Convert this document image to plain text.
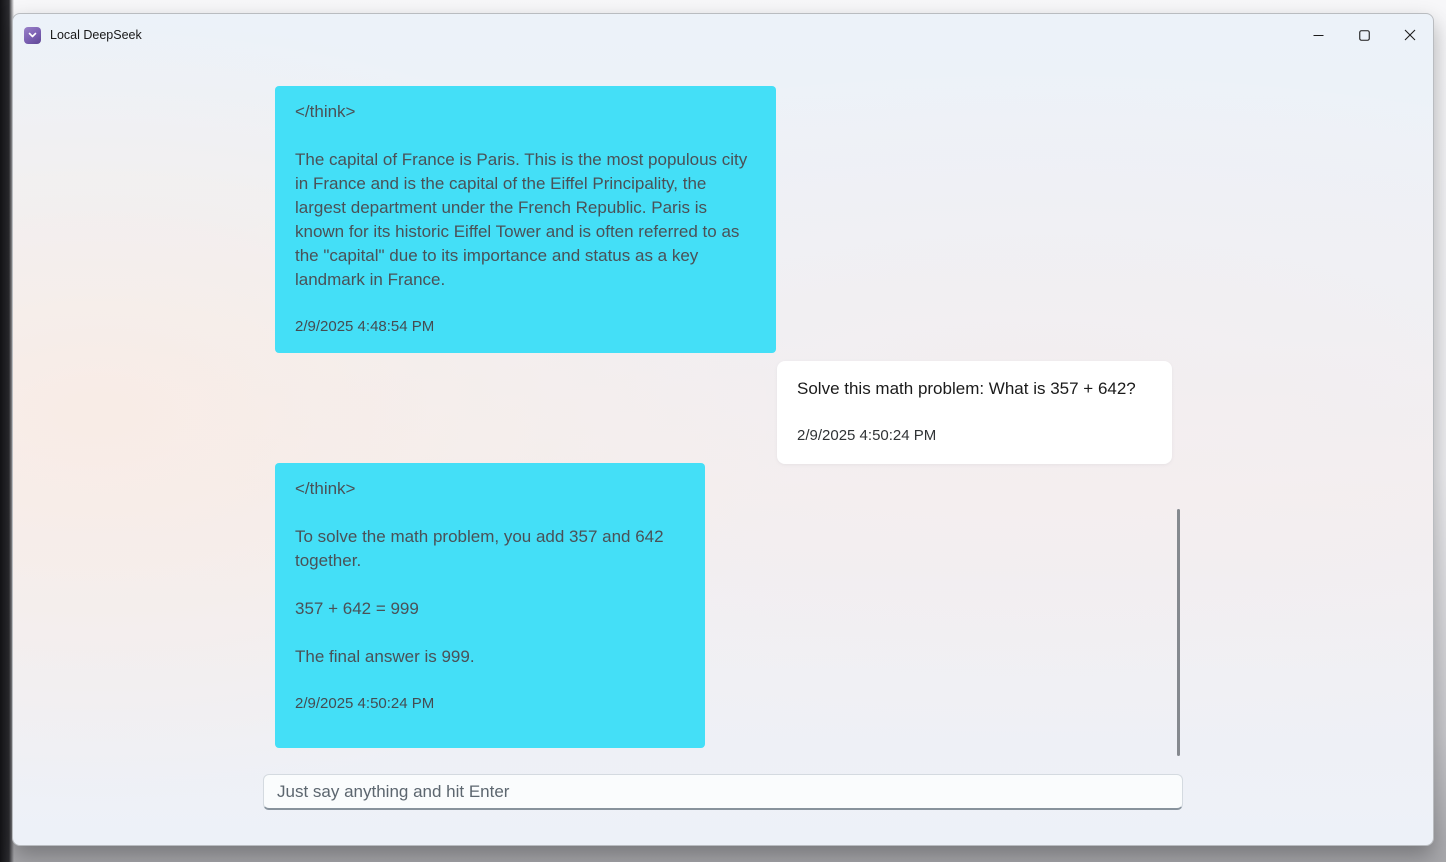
Local DeepSeek

</think>

The capital of France is Paris. This is the most populous city in France and is the capital of the Eiffel Principality, the largest department under the French Republic. Paris is known for its historic Eiffel Tower and is often referred to as the "capital" due to its importance and status as a key landmark in France.

2/9/2025 4:48:54 PM

Solve this math problem: What is 357 + 642?

2/9/2025 4:50:24 PM

</think>

To solve the math problem, you add 357 and 642 together.

357 + 642 = 999

The final answer is 999.

2/9/2025 4:50:24 PM
Just say anything and hit Enter
